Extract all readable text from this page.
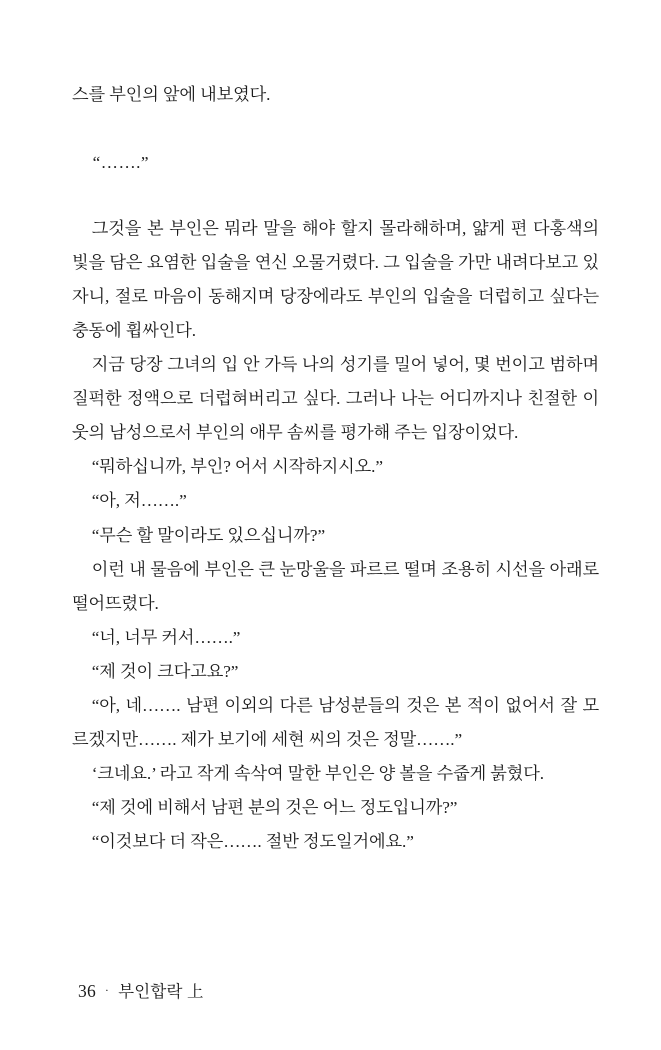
스를 부인의 앞에 내보였다.

“…….”

그것을 본 부인은 뭐라 말을 해야 할지 몰라해하며, 얇게 편 다홍색의 빛을 담은 요염한 입술을 연신 오물거렸다. 그 입술을 가만 내려다보고 있자니, 절로 마음이 동해지며 당장에라도 부인의 입술을 더럽히고 싶다는 충동에 휩싸인다.

지금 당장 그녀의 입 안 가득 나의 성기를 밀어 넣어, 몇 번이고 범하며 질퍽한 정액으로 더럽혀버리고 싶다. 그러나 나는 어디까지나 친절한 이웃의 남성으로서 부인의 애무 솜씨를 평가해 주는 입장이었다.

“뭐하십니까, 부인? 어서 시작하지시오.”

“아, 저…….”

“무슨 할 말이라도 있으십니까?”

이런 내 물음에 부인은 큰 눈망울을 파르르 떨며 조용히 시선을 아래로 떨어뜨렸다.

“너, 너무 커서…….”

“제 것이 크다고요?”

“아, 네……. 남편 이외의 다른 남성분들의 것은 본 적이 없어서 잘 모르겠지만……. 제가 보기에 세현 씨의 것은 정말…….”

‘크네요.’ 라고 작게 속삭여 말한 부인은 양 볼을 수줍게 붉혔다.

“제 것에 비해서 남편 분의 것은 어느 정도입니까?”

“이것보다 더 작은……. 절반 정도일거에요.”

36 · 부인합락 上
